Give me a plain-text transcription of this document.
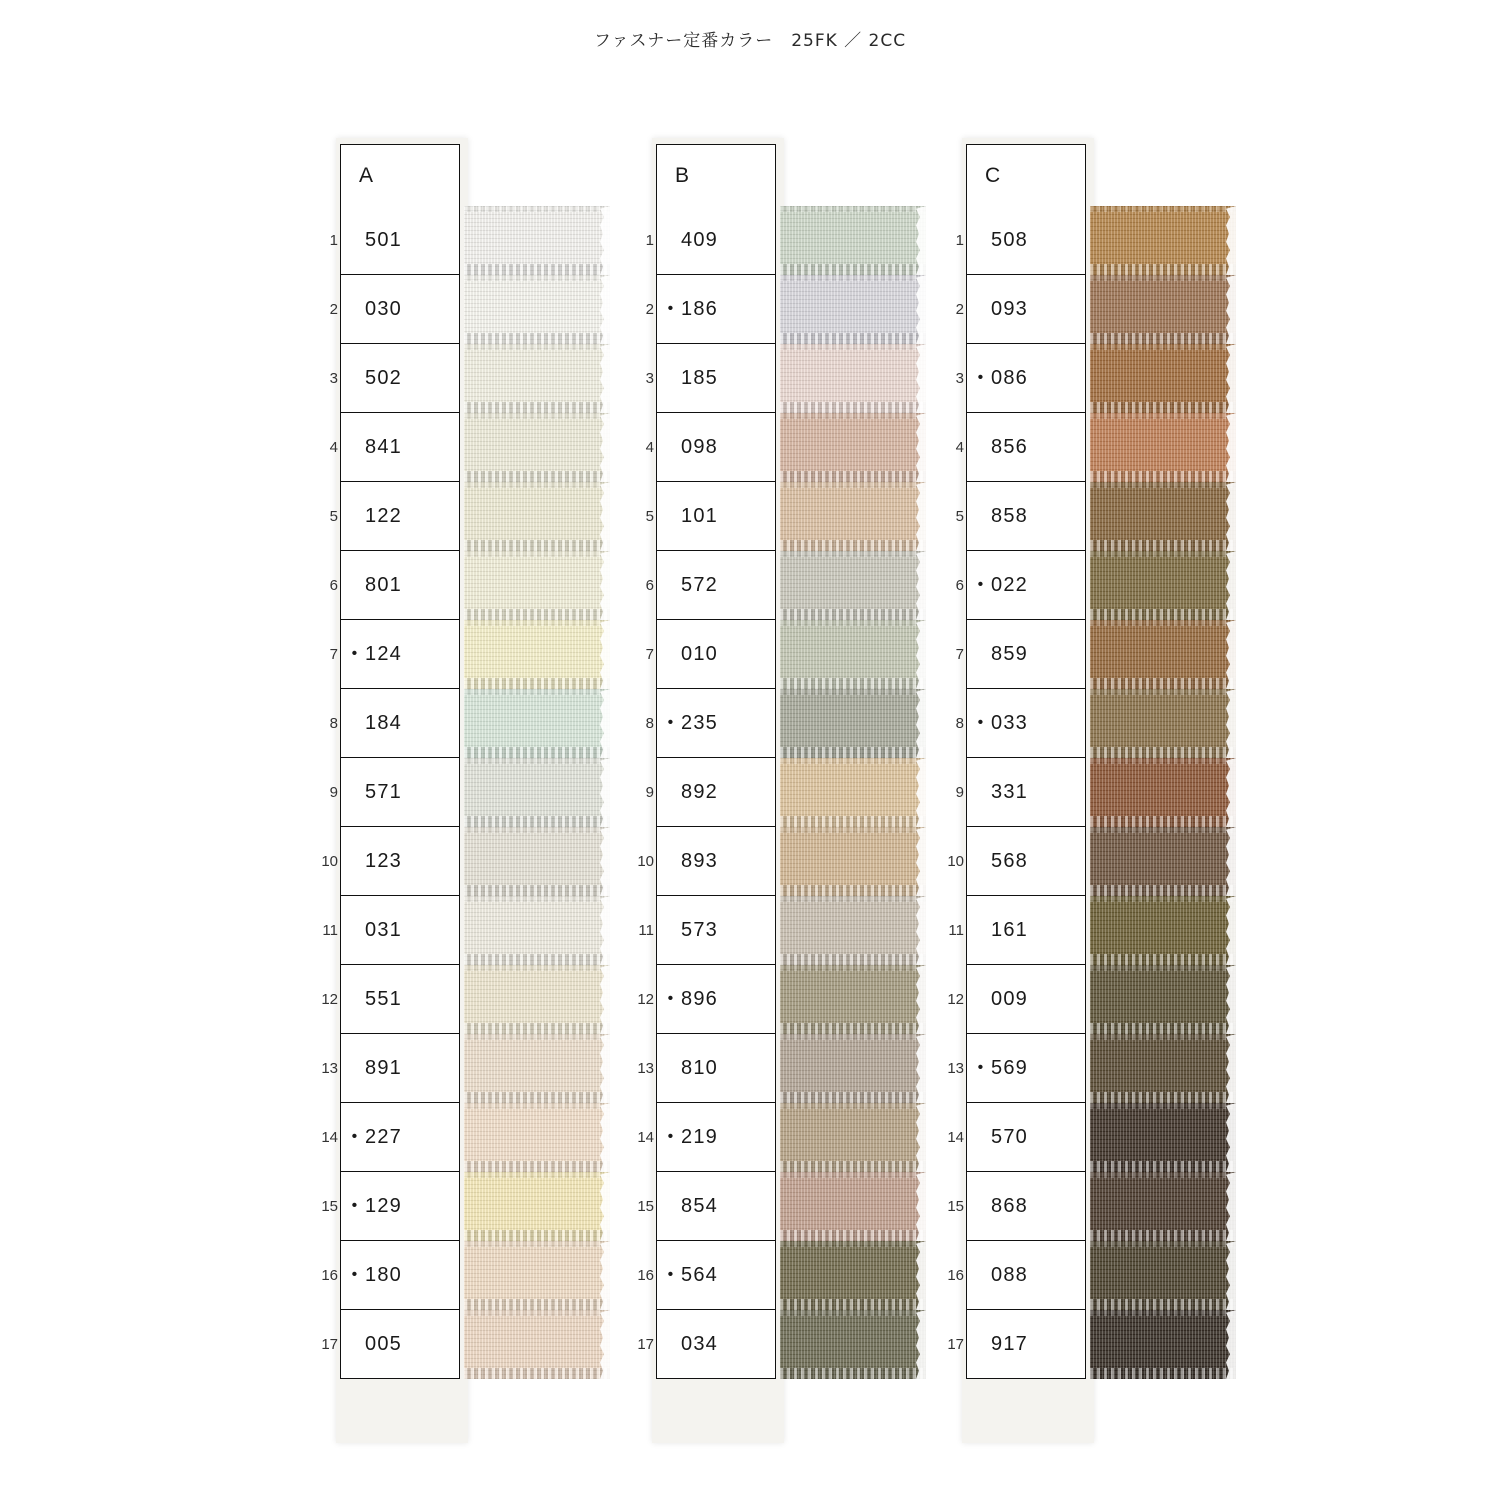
ファスナー定番カラー　25FK ／ 2CC
A
1 501
2 030
3 502
4 841
5 122
6 801
7 • 124
8 184
9 571
10 123
11 031
12 551
13 891
14 • 227
15 • 129
16 • 180
17 005
B
1 409
2 • 186
3 185
4 098
5 101
6 572
7 010
8 • 235
9 892
10 893
11 573
12 • 896
13 810
14 • 219
15 854
16 • 564
17 034
C
1 508
2 093
3 • 086
4 856
5 858
6 • 022
7 859
8 • 033
9 331
10 568
11 161
12 009
13 • 569
14 570
15 868
16 088
17 917
